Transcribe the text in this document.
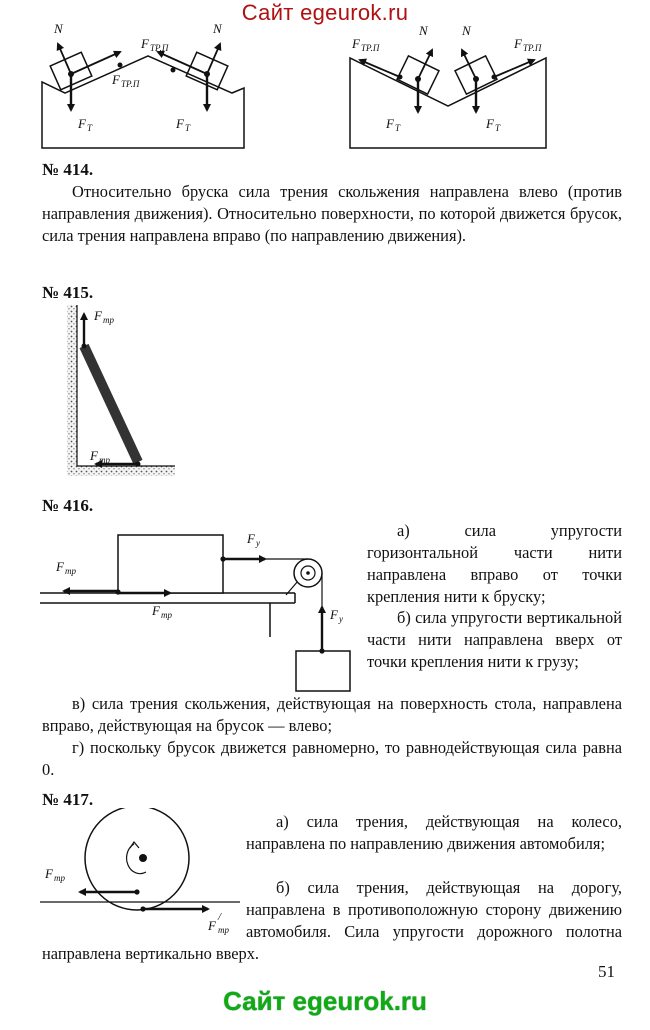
Сайт egeurok.ru
N	N
F ТР.П
F ТР.П
F Т	F Т
N	N
F ТР.П	F ТР.П
F Т	F Т
№ 414.
Относительно бруска сила трения скольжения направлена влево (против направления движения). Относительно поверхности, по которой движется брусок, сила трения направлена вправо (по направлению движения).
№ 415.
F тр
F тр
№ 416.
F у
F у
F тр
F тр
а) сила упругости горизонтальной части нити направлена вправо от точки крепления нити к бруску;
б) сила упругости вертикальной части нити направлена вверх от точки крепления нити к грузу;
в) сила трения скольжения, действующая на поверхность стола, направлена вправо, действующая на брусок — влево;
г) поскольку брусок движется равномерно, то равнодействующая сила равна 0.
№ 417.
F тр
F
/
тр
а) сила трения, действующая на колесо, направлена по направлению движения автомобиля;
б) сила трения, действующая на дорогу, направлена в противоположную сторону движению автомобиля. Сила упругости дорожного полотна направлена вертикально вверх.
51
Сайт egeurok.ru
